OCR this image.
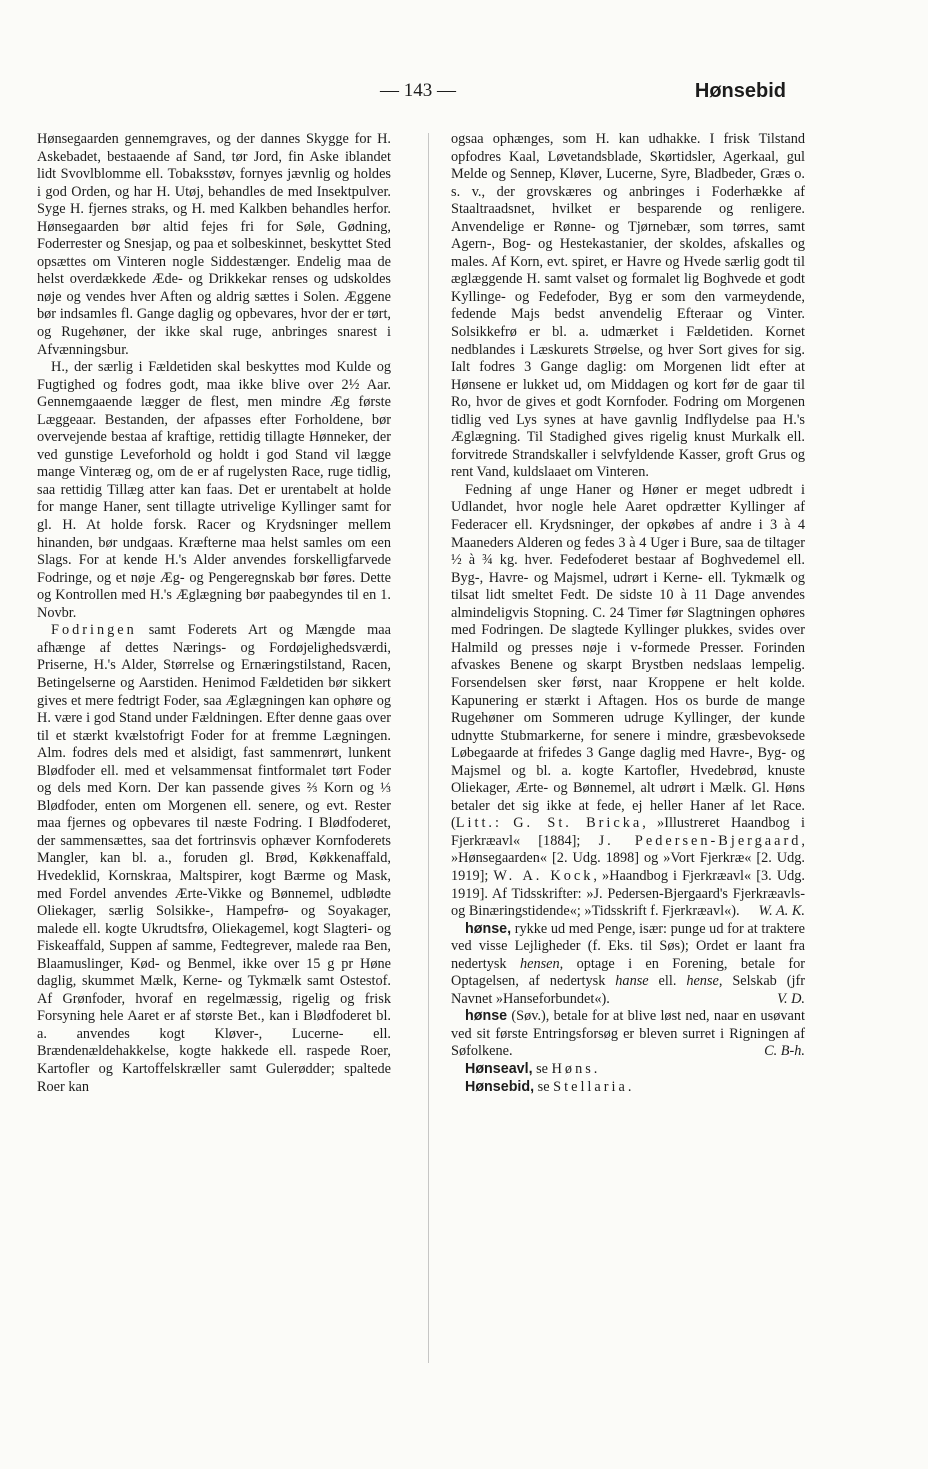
— 143 —	Hønsebid

Hønsegaarden gennemgraves, og der dannes Skygge for H. Askebadet, bestaaende af Sand, tør Jord, fin Aske iblandet lidt Svovlblomme ell. Tobaksstøv, fornyes jævnlig og holdes i god Orden, og har H. Utøj, behandles de med Insektpulver. Syge H. fjernes straks, og H. med Kalkben behandles herfor. Hønsegaarden bør altid fejes fri for Søle, Gødning, Foderrester og Snesjap, og paa et solbeskinnet, beskyttet Sted opsættes om Vinteren nogle Siddestænger. Endelig maa de helst overdækkede Æde- og Drikkekar renses og udskoldes nøje og vendes hver Aften og aldrig sættes i Solen. Æggene bør indsamles fl. Gange daglig og opbevares, hvor der er tørt, og Rugehøner, der ikke skal ruge, anbringes snarest i Afvænningsbur.

H., der særlig i Fældetiden skal beskyttes mod Kulde og Fugtighed og fodres godt, maa ikke blive over 2½ Aar. Gennemgaaende lægger de flest, men mindre Æg første Læggeaar. Bestanden, der afpasses efter Forholdene, bør overvejende bestaa af kraftige, rettidig tillagte Hønneker, der ved gunstige Leveforhold og holdt i god Stand vil lægge mange Vinteræg og, om de er af rugelysten Race, ruge tidlig, saa rettidig Tillæg atter kan faas. Det er urentabelt at holde for mange Haner, sent tillagte utrivelige Kyllinger samt for gl. H. At holde forsk. Racer og Krydsninger mellem hinanden, bør undgaas. Kræfterne maa helst samles om een Slags. For at kende H.'s Alder anvendes forskelligfarvede Fodringe, og et nøje Æg- og Pengeregnskab bør føres. Dette og Kontrollen med H.'s Æglægning bør paabegyndes til en 1. Novbr.

Fodringen samt Foderets Art og Mængde maa afhænge af dettes Nærings- og Fordøjelighedsværdi, Priserne, H.'s Alder, Størrelse og Ernæringstilstand, Racen, Betingelserne og Aarstiden. Henimod Fældetiden bør sikkert gives et mere fedtrigt Foder, saa Æglægningen kan ophøre og H. være i god Stand under Fældningen. Efter denne gaas over til et stærkt kvælstofrigt Foder for at fremme Lægningen. Alm. fodres dels med et alsidigt, fast sammenrørt, lunkent Blødfoder ell. med et velsammensat fintformalet tørt Foder og dels med Korn. Der kan passende gives ⅔ Korn og ⅓ Blødfoder, enten om Morgenen ell. senere, og evt. Rester maa fjernes og opbevares til næste Fodring. I Blødfoderet, der sammensættes, saa det fortrinsvis ophæver Kornfoderets Mangler, kan bl. a., foruden gl. Brød, Køkkenaffald, Hvedeklid, Kornskraa, Maltspirer, kogt Bærme og Mask, med Fordel anvendes Ærte-Vikke og Bønnemel, udblødte Oliekager, særlig Solsikke-, Hampefrø- og Soyakager, malede ell. kogte Ukrudtsfrø, Oliekagemel, kogt Slagteri- og Fiskeaffald, Suppen af samme, Fedtegrever, malede raa Ben, Blaamuslinger, Kød- og Benmel, ikke over 15 g pr Høne daglig, skummet Mælk, Kerne- og Tykmælk samt Ostestof. Af Grønfoder, hvoraf en regelmæssig, rigelig og frisk Forsyning hele Aaret er af største Bet., kan i Blødfoderet bl. a. anvendes kogt Kløver-, Lucerne- ell. Brændenældehakkelse, kogte hakkede ell. raspede Roer, Kartofler og Kartoffelskræller samt Gulerødder; spaltede Roer kan

ogsaa ophænges, som H. kan udhakke. I frisk Tilstand opfodres Kaal, Løvetandsblade, Skørtidsler, Agerkaal, gul Melde og Sennep, Kløver, Lucerne, Syre, Bladbeder, Græs o. s. v., der grovskæres og anbringes i Foderhække af Staaltraadsnet, hvilket er besparende og renligere. Anvendelige er Rønne- og Tjørnebær, som tørres, samt Agern-, Bog- og Hestekastanier, der skoldes, afskalles og males. Af Korn, evt. spiret, er Havre og Hvede særlig godt til æglæggende H. samt valset og formalet lig Boghvede et godt Kyllinge- og Fedefoder, Byg er som den varmeydende, fedende Majs bedst anvendelig Efteraar og Vinter. Solsikkefrø er bl. a. udmærket i Fældetiden. Kornet nedblandes i Læskurets Strøelse, og hver Sort gives for sig. Ialt fodres 3 Gange daglig: om Morgenen lidt efter at Hønsene er lukket ud, om Middagen og kort før de gaar til Ro, hvor de gives et godt Kornfoder. Fodring om Morgenen tidlig ved Lys synes at have gavnlig Indflydelse paa H.'s Æglægning. Til Stadighed gives rigelig knust Murkalk ell. forvitrede Strandskaller i selvfyldende Kasser, groft Grus og rent Vand, kuldslaaet om Vinteren.

Fedning af unge Haner og Høner er meget udbredt i Udlandet, hvor nogle hele Aaret opdrætter Kyllinger af Federacer ell. Krydsninger, der opkøbes af andre i 3 à 4 Maaneders Alderen og fedes 3 à 4 Uger i Bure, saa de tiltager ½ à ¾ kg. hver. Fedefoderet bestaar af Boghvedemel ell. Byg-, Havre- og Majsmel, udrørt i Kerne- ell. Tykmælk og tilsat lidt smeltet Fedt. De sidste 10 à 11 Dage anvendes almindeligvis Stopning. C. 24 Timer før Slagtningen ophøres med Fodringen. De slagtede Kyllinger plukkes, svides over Halmild og presses nøje i v-formede Presser. Forinden afvaskes Benene og skarpt Brystben nedslaas lempelig. Forsendelsen sker først, naar Kroppene er helt kolde. Kapunering er stærkt i Aftagen. Hos os burde de mange Rugehøner om Sommeren udruge Kyllinger, der kunde udnytte Stubmarkerne, for senere i mindre, græsbevoksede Løbegaarde at frifedes 3 Gange daglig med Havre-, Byg- og Majsmel og bl. a. kogte Kartofler, Hvedebrød, knuste Oliekager, Ærte- og Bønnemel, alt udrørt i Mælk. Gl. Høns betaler det sig ikke at fede, ej heller Haner af let Race. (Litt.: G. St. Bricka, »Illustreret Haandbog i Fjerkræavl« [1884]; J. Pedersen-Bjergaard, »Hønsegaarden« [2. Udg. 1898] og »Vort Fjerkræ« [2. Udg. 1919]; W. A. Kock, »Haandbog i Fjerkræavl« [3. Udg. 1919]. Af Tidsskrifter: »J. Pedersen-Bjergaard's Fjerkræavls- og Binæringstidende«; »Tidsskrift f. Fjerkræavl«).	W. A. K.

hønse, rykke ud med Penge, især: punge ud for at traktere ved visse Lejligheder (f. Eks. til Søs); Ordet er laant fra nedertysk hensen, optage i en Forening, betale for Optagelsen, af nedertysk hanse ell. hense, Selskab (jfr Navnet »Hanseforbundet«).	V. D.

hønse (Søv.), betale for at blive løst ned, naar en usøvant ved sit første Entringsforsøg er bleven surret i Rigningen af Søfolkene.	C. B-h.

Hønseavl, se Høns.

Hønsebid, se Stellaria.
